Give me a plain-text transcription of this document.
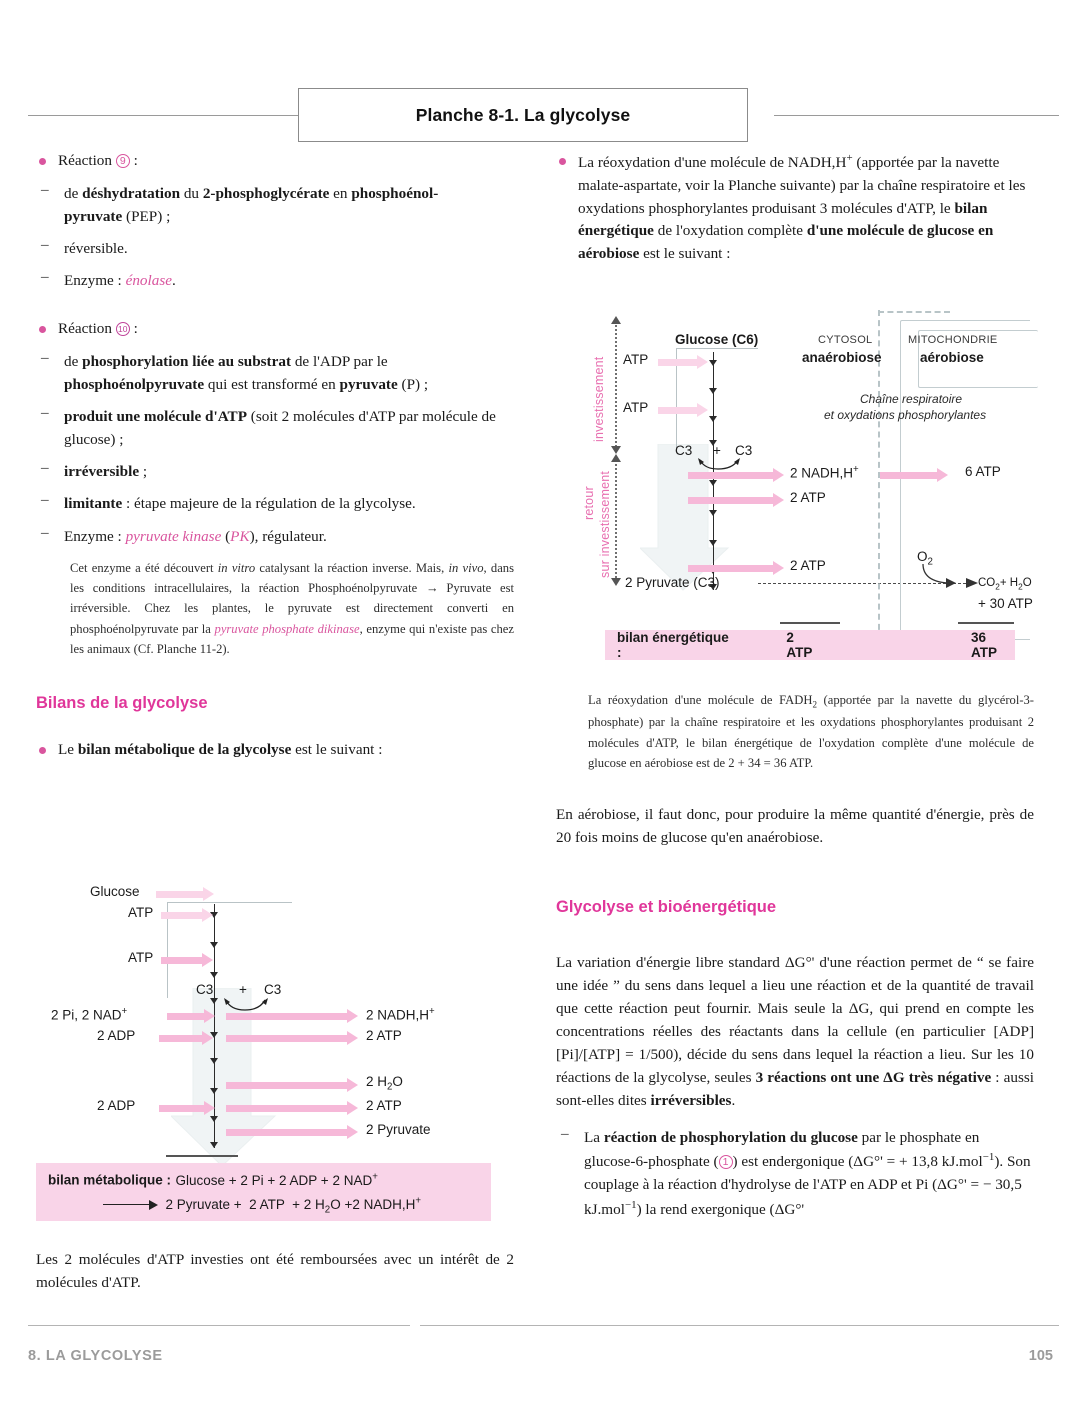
Planche 8-1. La glycolyse
Réaction 9 :
– de déshydratation du 2-phosphoglycérate en phosphoénol-
pyruvate (PEP) ;
– réversible.
– Enzyme : énolase.
Réaction 10 :
– de phosphorylation liée au substrat de l'ADP par le phosphoénolpyruvate qui est transformé en pyruvate (P) ;
– produit une molécule d'ATP (soit 2 molécules d'ATP par molécule de glucose) ;
– irréversible ;
– limitante : étape majeure de la régulation de la glycolyse.
– Enzyme : pyruvate kinase (PK), régulateur.
Cet enzyme a été découvert in vitro catalysant la réaction inverse. Mais, in vivo, dans les conditions intracellulaires, la réaction Phosphoénolpyruvate → Pyruvate est irréversible. Chez les plantes, le pyruvate est directement converti en phosphoénolpyruvate par la pyruvate phosphate dikinase, enzyme qui n'existe pas chez les animaux (Cf. Planche 11-2).
Bilans de la glycolyse
Le bilan métabolique de la glycolyse est le suivant :
Glucose
ATP
ATP
2 Pi, 2 NAD+
2 ADP
2 ADP
C3 + C3
2 NADH,H+
2 ATP
2 $H_2O$
2 ATP
2 Pyruvate
bilan métabolique : Glucose + 2 Pi + 2 ADP + 2 NAD+
2 Pyruvate +  2 ATP  + 2 $H_2O +2$ NADH,H+
Les 2 molécules d'ATP investies ont été remboursées avec un intérêt de 2 molécules d'ATP.
La réoxydation d'une molécule de NADH,H+ (apportée par la navette malate-aspartate, voir la Planche suivante) par la chaîne respiratoire et les oxydations phosphorylantes produisant 3 molécules d'ATP, le bilan énergétique de l'oxydation complète d'une molécule de glucose en aérobiose est le suivant :
investissement
retour sur investissement
Glucose (C6)
ATP
ATP
C3 + C3
2 NADH,H+
2 ATP
2 ATP
2 Pyruvate (C3)
CYTOSOL
anaérobiose
MITOCHONDRIE
aérobiose
Chaîne respiratoire
et oxydations phosphorylantes
6 ATP
$O_2$
$CO_2+ H_2O$
+ 30 ATP
bilan énergétique :
2 ATP
36 ATP
La réoxydation d'une molécule de $FADH_2$ (apportée par la navette du glycérol-3-phosphate) par la chaîne respiratoire et les oxydations phosphorylantes produisant 2 molécules d'ATP, le bilan énergétique de l'oxydation complète d'une molécule de glucose en aérobiose est de 2 + 34 = 36 ATP.
En aérobiose, il faut donc, pour produire la même quantité d'énergie, près de 20 fois moins de glucose qu'en anaérobiose.
Glycolyse et bioénergétique
La variation d'énergie libre standard ΔG°' d'une réaction permet de “ se faire une idée ” du sens dans lequel a lieu une réaction et de la quantité de travail que cette réaction peut fournir. Mais seule la ΔG, qui prend en compte les concentrations réelles des réactants dans la cellule (en particulier [ADP][Pi]/[ATP] = 1/500), décide du sens dans lequel la réaction a lieu. Sur les 10 réactions de la glycolyse, seules 3 réactions ont une ΔG très négative : aussi sont-elles dites irréversibles.
– La réaction de phosphorylation du glucose par le phosphate en glucose-6-phosphate ( 1 ) est endergonique (ΔG°' = + 13,8 kJ.mol$^{-1}$). Son couplage à la réaction d'hydrolyse de l'ATP en ADP et Pi (ΔG°' = − 30,5 kJ.mol$^{-1}$) la rend exergonique (ΔG°'
8. LA GLYCOLYSE	105
